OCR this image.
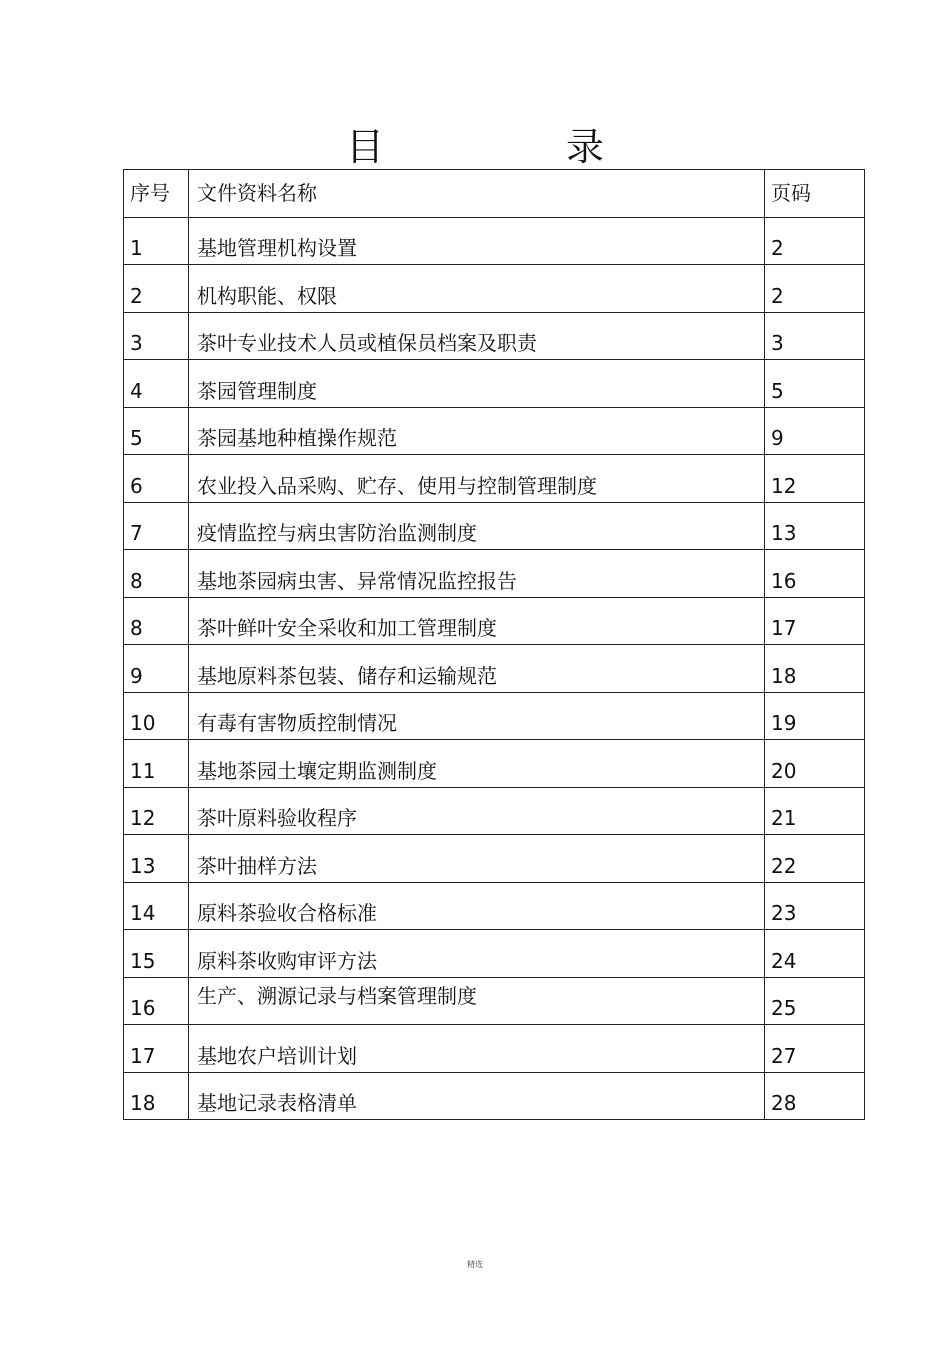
目　录
序号	文件资料名称	页码
1	基地管理机构设置	2
2	机构职能、权限	2
3	茶叶专业技术人员或植保员档案及职责	3
4	茶园管理制度	5
5	茶园基地种植操作规范	9
6	农业投入品采购、贮存、使用与控制管理制度	12
7	疫情监控与病虫害防治监测制度	13
8	基地茶园病虫害、异常情况监控报告	16
8	茶叶鲜叶安全采收和加工管理制度	17
9	基地原料茶包装、储存和运输规范	18
10	有毒有害物质控制情况	19
11	基地茶园土壤定期监测制度	20
12	茶叶原料验收程序	21
13	茶叶抽样方法	22
14	原料茶验收合格标准	23
15	原料茶收购审评方法	24
16	生产、溯源记录与档案管理制度	25
17	基地农户培训计划	27
18	基地记录表格清单	28
精选
